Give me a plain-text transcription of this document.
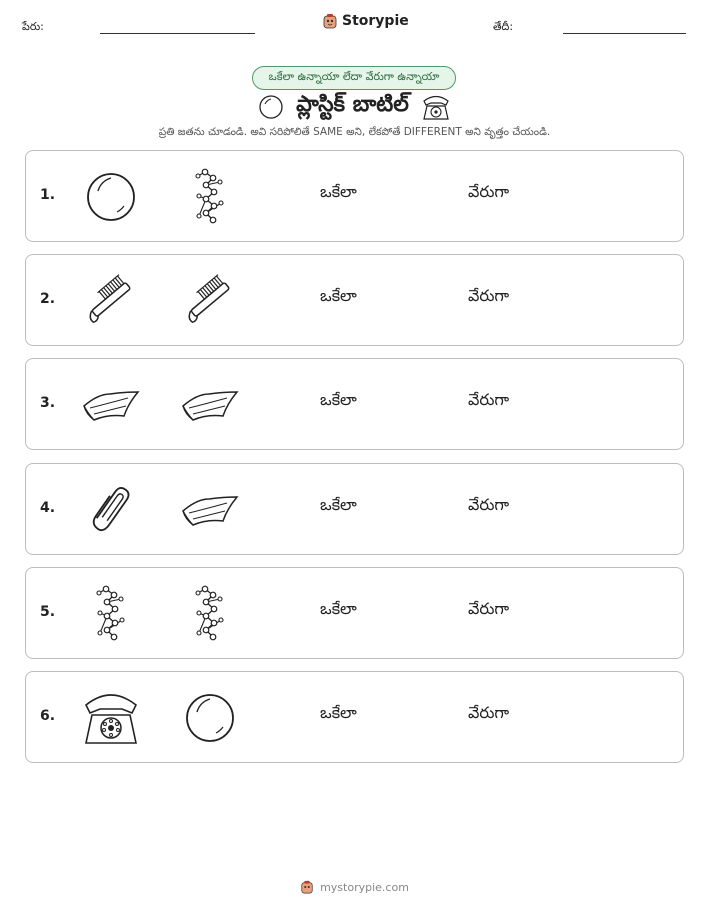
పేరు:	Storypie	తేదీ:
ఒకేలా ఉన్నాయా లేదా వేరుగా ఉన్నాయా
ప్లాస్టిక్ బాటిల్
ప్రతి జతను చూడండి. అవి సరిపోలితే SAME అని, లేకపోతే DIFFERENT అని వృత్తం చేయండి.
1.	ఒకేలా	వేరుగా
2.	ఒకేలా	వేరుగా
3.	ఒకేలా	వేరుగా
4.	ఒకేలా	వేరుగా
5.	ఒకేలా	వేరుగా
6.	ఒకేలా	వేరుగా
mystorypie.com
